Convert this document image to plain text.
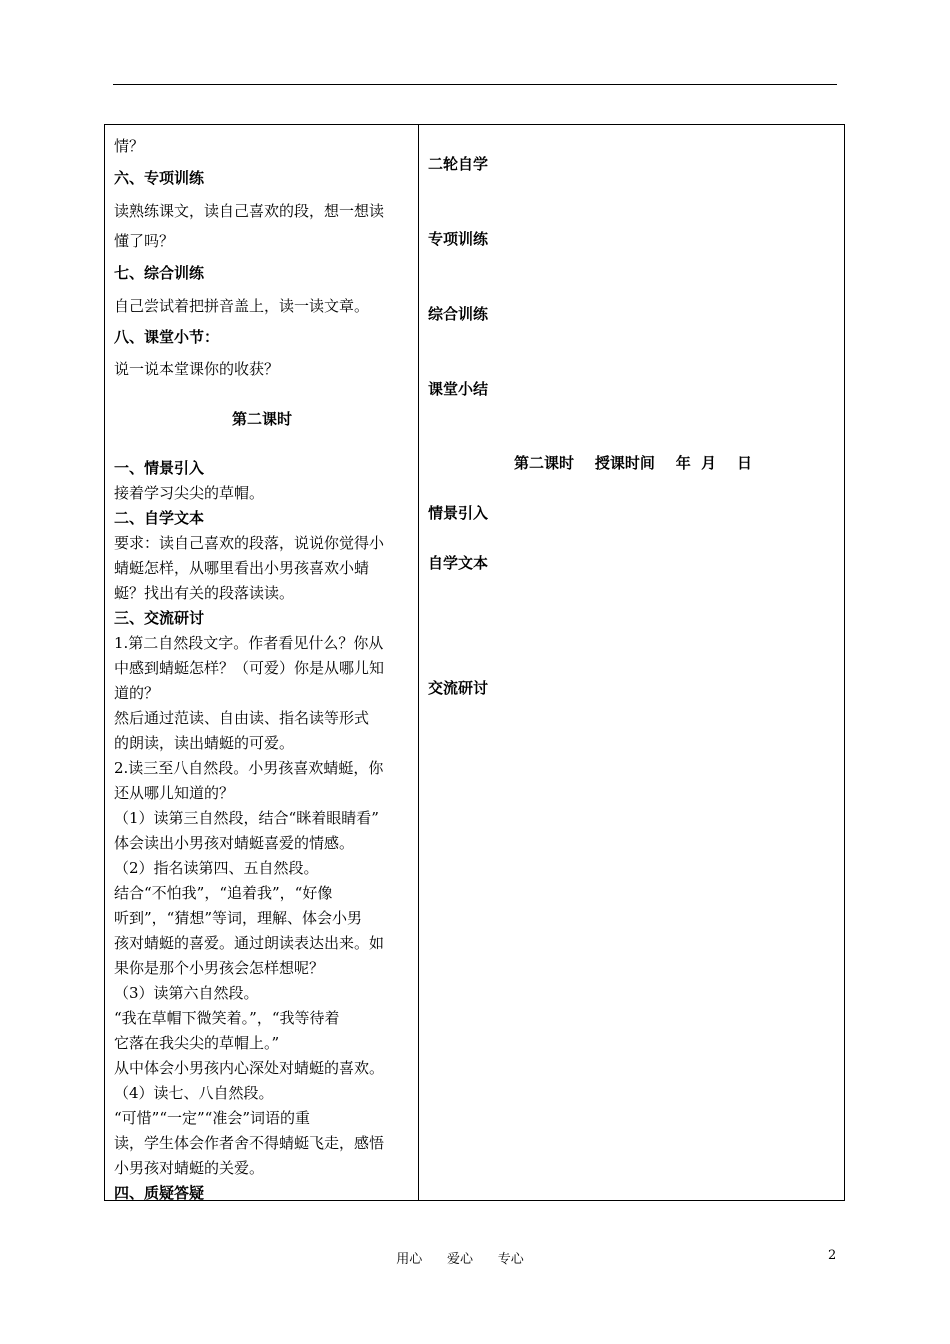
第二课时
情？
六、专项训练
读熟练课文，读自己喜欢的段，想一想读
懂了吗？
七、综合训练
自己尝试着把拼音盖上，读一读文章。
八、课堂小节：
说一说本堂课你的收获？
一、情景引入
接着学习尖尖的草帽。
二、自学文本
要求：读自己喜欢的段落，说说你觉得小
蜻蜓怎样，从哪里看出小男孩喜欢小蜻
蜓？找出有关的段落读读。
三、交流研讨
1.第二自然段文字。作者看见什么？你从
中感到蜻蜓怎样？（可爱）你是从哪儿知
道的？
然后通过范读、自由读、指名读等形式
的朗读，读出蜻蜓的可爱。
2.读三至八自然段。小男孩喜欢蜻蜓，你
还从哪儿知道的？
（1）读第三自然段，结合“眯着眼睛看”
体会读出小男孩对蜻蜓喜爱的情感。
（2）指名读第四、五自然段。
结合“不怕我”，“追着我”，“好像
听到”，“猜想”等词，理解、体会小男
孩对蜻蜓的喜爱。通过朗读表达出来。如
果你是那个小男孩会怎样想呢？
（3）读第六自然段。
“我在草帽下微笑着。”，“我等待着
它落在我尖尖的草帽上。”
从中体会小男孩内心深处对蜻蜓的喜欢。
（4）读七、八自然段。
“可惜”“一定”“准会”词语的重
读，学生体会作者舍不得蜻蜓飞走，感悟
小男孩对蜻蜓的关爱。
四、质疑答疑
第二课时    授课时间    年  月    日
二轮自学
专项训练
综合训练
课堂小结
情景引入
自学文本
交流研讨
用心      爱心      专心	2
